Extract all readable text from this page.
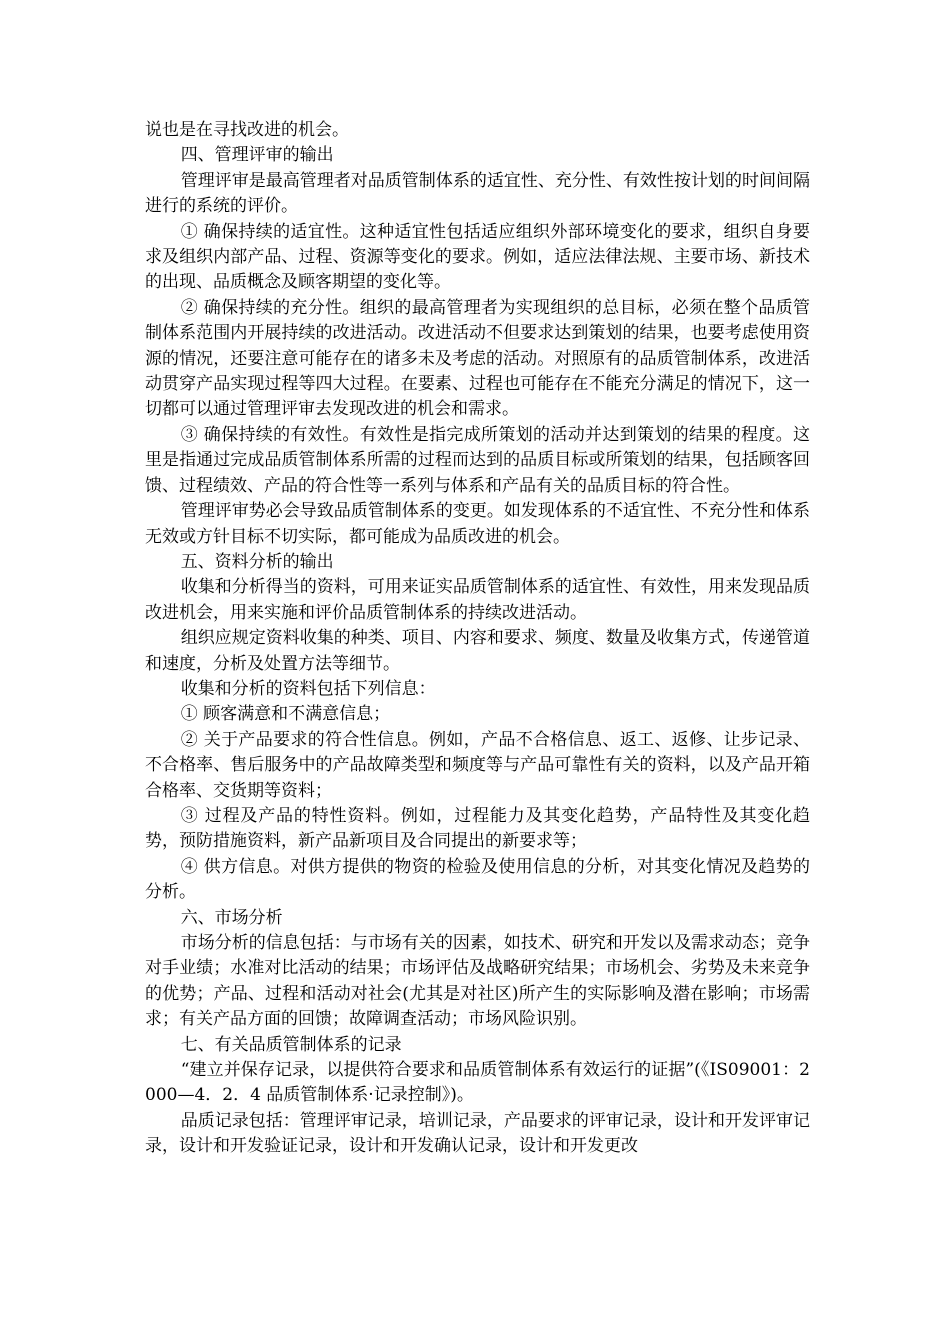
说也是在寻找改进的机会。

四、管理评审的输出

管理评审是最高管理者对品质管制体系的适宜性、充分性、有效性按计划的时间间隔进行的系统的评价。

① 确保持续的适宜性。这种适宜性包括适应组织外部环境变化的要求，组织自身要求及组织内部产品、过程、资源等变化的要求。例如，适应法律法规、主要市场、新技术的出现、品质概念及顾客期望的变化等。

② 确保持续的充分性。组织的最高管理者为实现组织的总目标，必须在整个品质管制体系范围内开展持续的改进活动。改进活动不但要求达到策划的结果，也要考虑使用资源的情况，还要注意可能存在的诸多未及考虑的活动。对照原有的品质管制体系，改进活动贯穿产品实现过程等四大过程。在要素、过程也可能存在不能充分满足的情况下，这一切都可以通过管理评审去发现改进的机会和需求。

③ 确保持续的有效性。有效性是指完成所策划的活动并达到策划的结果的程度。这里是指通过完成品质管制体系所需的过程而达到的品质目标或所策划的结果，包括顾客回馈、过程绩效、产品的符合性等一系列与体系和产品有关的品质目标的符合性。

管理评审势必会导致品质管制体系的变更。如发现体系的不适宜性、不充分性和体系无效或方针目标不切实际，都可能成为品质改进的机会。

五、资料分析的输出

收集和分析得当的资料，可用来证实品质管制体系的适宜性、有效性，用来发现品质改进机会，用来实施和评价品质管制体系的持续改进活动。

组织应规定资料收集的种类、项目、内容和要求、频度、数量及收集方式，传递管道和速度，分析及处置方法等细节。

收集和分析的资料包括下列信息：

① 顾客满意和不满意信息；

② 关于产品要求的符合性信息。例如，产品不合格信息、返工、返修、让步记录、不合格率、售后服务中的产品故障类型和频度等与产品可靠性有关的资料，以及产品开箱合格率、交货期等资料；

③ 过程及产品的特性资料。例如，过程能力及其变化趋势，产品特性及其变化趋势，预防措施资料，新产品新项目及合同提出的新要求等；

④ 供方信息。对供方提供的物资的检验及使用信息的分析，对其变化情况及趋势的分析。

六、市场分析

市场分析的信息包括：与市场有关的因素，如技术、研究和开发以及需求动态；竞争对手业绩；水准对比活动的结果；市场评估及战略研究结果；市场机会、劣势及未来竞争的优势；产品、过程和活动对社会(尤其是对社区)所产生的实际影响及潜在影响；市场需求；有关产品方面的回馈；故障调查活动；市场风险识别。

七、有关品质管制体系的记录

“建立并保存记录，以提供符合要求和品质管制体系有效运行的证据”(《IS09001：2000—4．2．4 品质管制体系·记录控制》)。

品质记录包括：管理评审记录，培训记录，产品要求的评审记录，设计和开发评审记录，设计和开发验证记录，设计和开发确认记录，设计和开发更改
